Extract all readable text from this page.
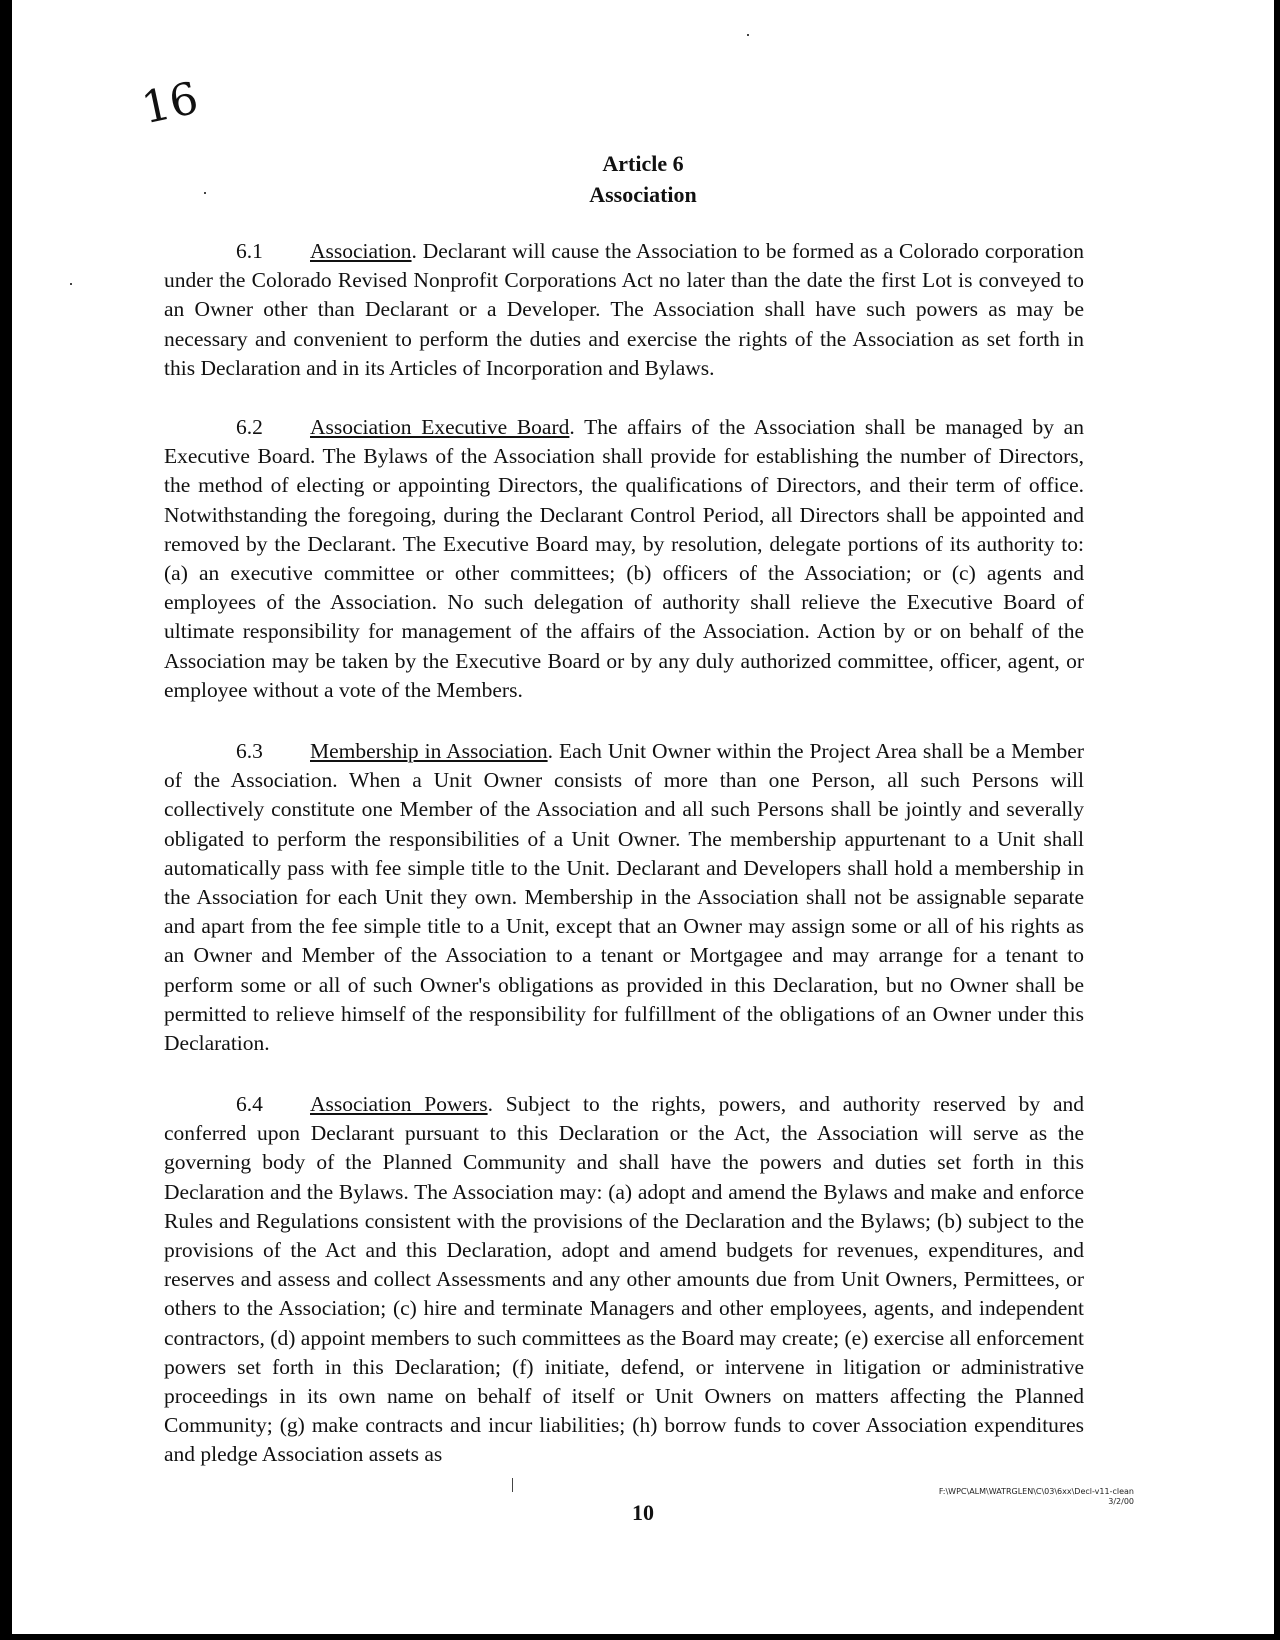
16
Article 6
Association

6.1 Association. Declarant will cause the Association to be formed as a Colorado corporation under the Colorado Revised Nonprofit Corporations Act no later than the date the first Lot is conveyed to an Owner other than Declarant or a Developer. The Association shall have such powers as may be necessary and convenient to perform the duties and exercise the rights of the Association as set forth in this Declaration and in its Articles of Incorporation and Bylaws.

6.2 Association Executive Board. The affairs of the Association shall be managed by an Executive Board. The Bylaws of the Association shall provide for establishing the number of Directors, the method of electing or appointing Directors, the qualifications of Directors, and their term of office. Notwithstanding the foregoing, during the Declarant Control Period, all Directors shall be appointed and removed by the Declarant. The Executive Board may, by resolution, delegate portions of its authority to: (a) an executive committee or other committees; (b) officers of the Association; or (c) agents and employees of the Association. No such delegation of authority shall relieve the Executive Board of ultimate responsibility for management of the affairs of the Association. Action by or on behalf of the Association may be taken by the Executive Board or by any duly authorized committee, officer, agent, or employee without a vote of the Members.

6.3 Membership in Association. Each Unit Owner within the Project Area shall be a Member of the Association. When a Unit Owner consists of more than one Person, all such Persons will collectively constitute one Member of the Association and all such Persons shall be jointly and severally obligated to perform the responsibilities of a Unit Owner. The membership appurtenant to a Unit shall automatically pass with fee simple title to the Unit. Declarant and Developers shall hold a membership in the Association for each Unit they own. Membership in the Association shall not be assignable separate and apart from the fee simple title to a Unit, except that an Owner may assign some or all of his rights as an Owner and Member of the Association to a tenant or Mortgagee and may arrange for a tenant to perform some or all of such Owner's obligations as provided in this Declaration, but no Owner shall be permitted to relieve himself of the responsibility for fulfillment of the obligations of an Owner under this Declaration.

6.4 Association Powers. Subject to the rights, powers, and authority reserved by and conferred upon Declarant pursuant to this Declaration or the Act, the Association will serve as the governing body of the Planned Community and shall have the powers and duties set forth in this Declaration and the Bylaws. The Association may: (a) adopt and amend the Bylaws and make and enforce Rules and Regulations consistent with the provisions of the Declaration and the Bylaws; (b) subject to the provisions of the Act and this Declaration, adopt and amend budgets for revenues, expenditures, and reserves and assess and collect Assessments and any other amounts due from Unit Owners, Permittees, or others to the Association; (c) hire and terminate Managers and other employees, agents, and independent contractors, (d) appoint members to such committees as the Board may create; (e) exercise all enforcement powers set forth in this Declaration; (f) initiate, defend, or intervene in litigation or administrative proceedings in its own name on behalf of itself or Unit Owners on matters affecting the Planned Community; (g) make contracts and incur liabilities; (h) borrow funds to cover Association expenditures and pledge Association assets as

10
F:\WPC\ALM\WATRGLEN\C\03\6xx\Decl-v11-clean
3/2/00
